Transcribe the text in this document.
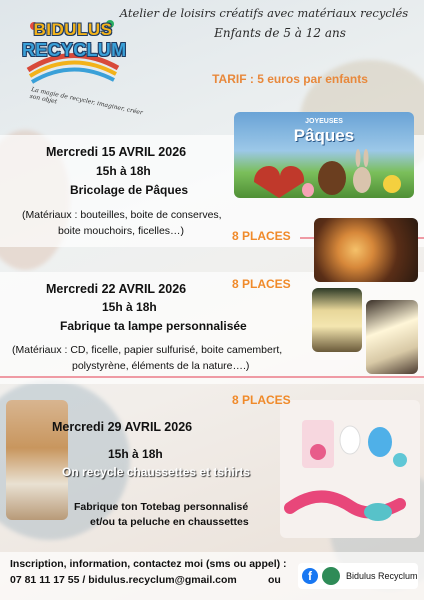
BIDULUS
RECYCLUM
La magie de recycler, imaginer, créer son objet
Atelier de loisirs créatifs avec matériaux recyclés
Enfants de 5 à 12 ans
TARIF : 5 euros par enfants
JOYEUSES
Pâques
Mercredi 15 AVRIL 2026
15h à 18h
Bricolage de Pâques
(Matériaux : bouteilles, boite de conserves,
boite mouchoirs, ficelles…)	8 PLACES
Mercredi 22 AVRIL 2026
15h à 18h
Fabrique ta lampe personnalisée
(Matériaux : CD, ficelle, papier sulfurisé, boite camembert,
polystyrène, éléments de la nature….)
8 PLACES
Mercredi 29 AVRIL 2026
15h à 18h
On recycle chaussettes et tshirts
Fabrique ton Totebag personnalisé
et/ou ta peluche en chaussettes
8 PLACES
Inscription, information, contactez moi (sms ou appel) :
07 81 11 17 55 / bidulus.recyclum@gmail.com	ou	f	Bidulus Recyclum
